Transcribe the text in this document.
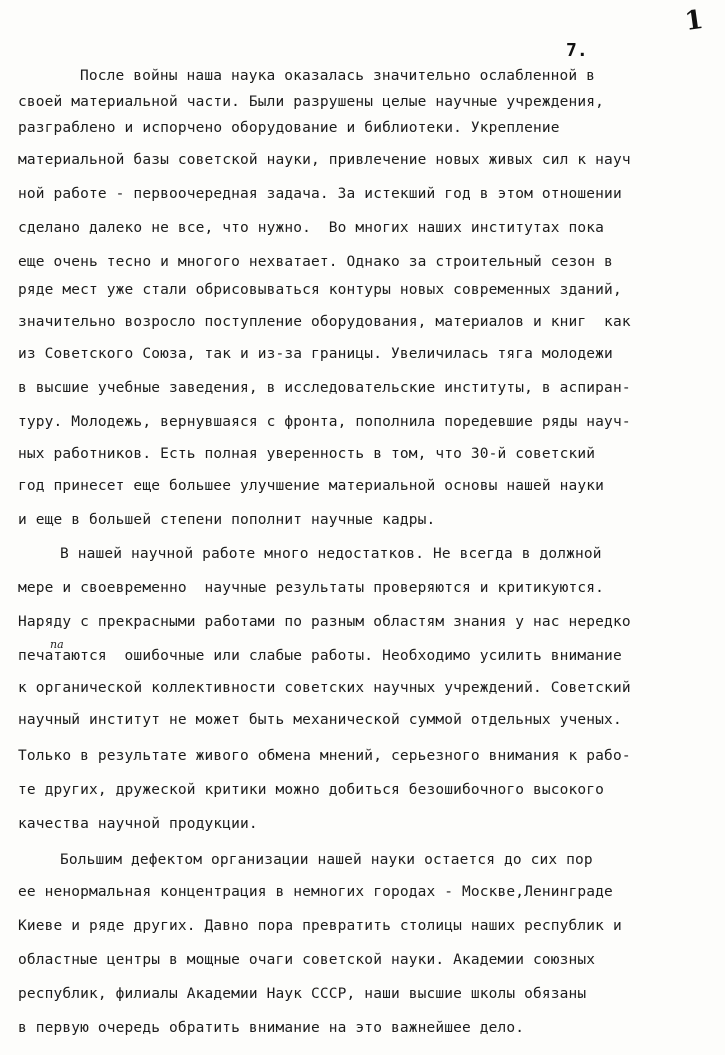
1
7.
па
После войны наша наука оказалась значительно ослабленной в
своей материальной части. Были разрушены целые научные учреждения,
разграблено и испорчено оборудование и библиотеки. Укрепление
материальной базы советской науки, привлечение новых живых сил к науч
ной работе - первоочередная задача. За истекший год в этом отношении
сделано далеко не все, что нужно.  Во многих наших институтах пока
еще очень тесно и многого нехватает. Однако за строительный сезон в
ряде мест уже стали обрисовываться контуры новых современных зданий,
значительно возросло поступление оборудования, материалов и книг  как
из Советского Союза, так и из-за границы. Увеличилась тяга молодежи
в высшие учебные заведения, в исследовательские институты, в аспиран-
туру. Молодежь, вернувшаяся с фронта, пополнила поредевшие ряды науч-
ных работников. Есть полная уверенность в том, что 30-й советский
год принесет еще большее улучшение материальной основы нашей науки
и еще в большей степени пополнит научные кадры.
В нашей научной работе много недостатков. Не всегда в должной
мере и своевременно  научные результаты проверяются и критикуются.
Наряду с прекрасными работами по разным областям знания у нас нередко
печатаются  ошибочные или слабые работы. Необходимо усилить внимание
к органической коллективности советских научных учреждений. Советский
научный институт не может быть механической суммой отдельных ученых.
Только в результате живого обмена мнений, серьезного внимания к рабо-
те других, дружеской критики можно добиться безошибочного высокого
качества научной продукции.
Большим дефектом организации нашей науки остается до сих пор
ее ненормальная концентрация в немногих городах - Москве,Ленинграде
Киеве и ряде других. Давно пора превратить столицы наших республик и
областные центры в мощные очаги советской науки. Академии союзных
республик, филиалы Академии Наук СССР, наши высшие школы обязаны
в первую очередь обратить внимание на это важнейшее дело.
